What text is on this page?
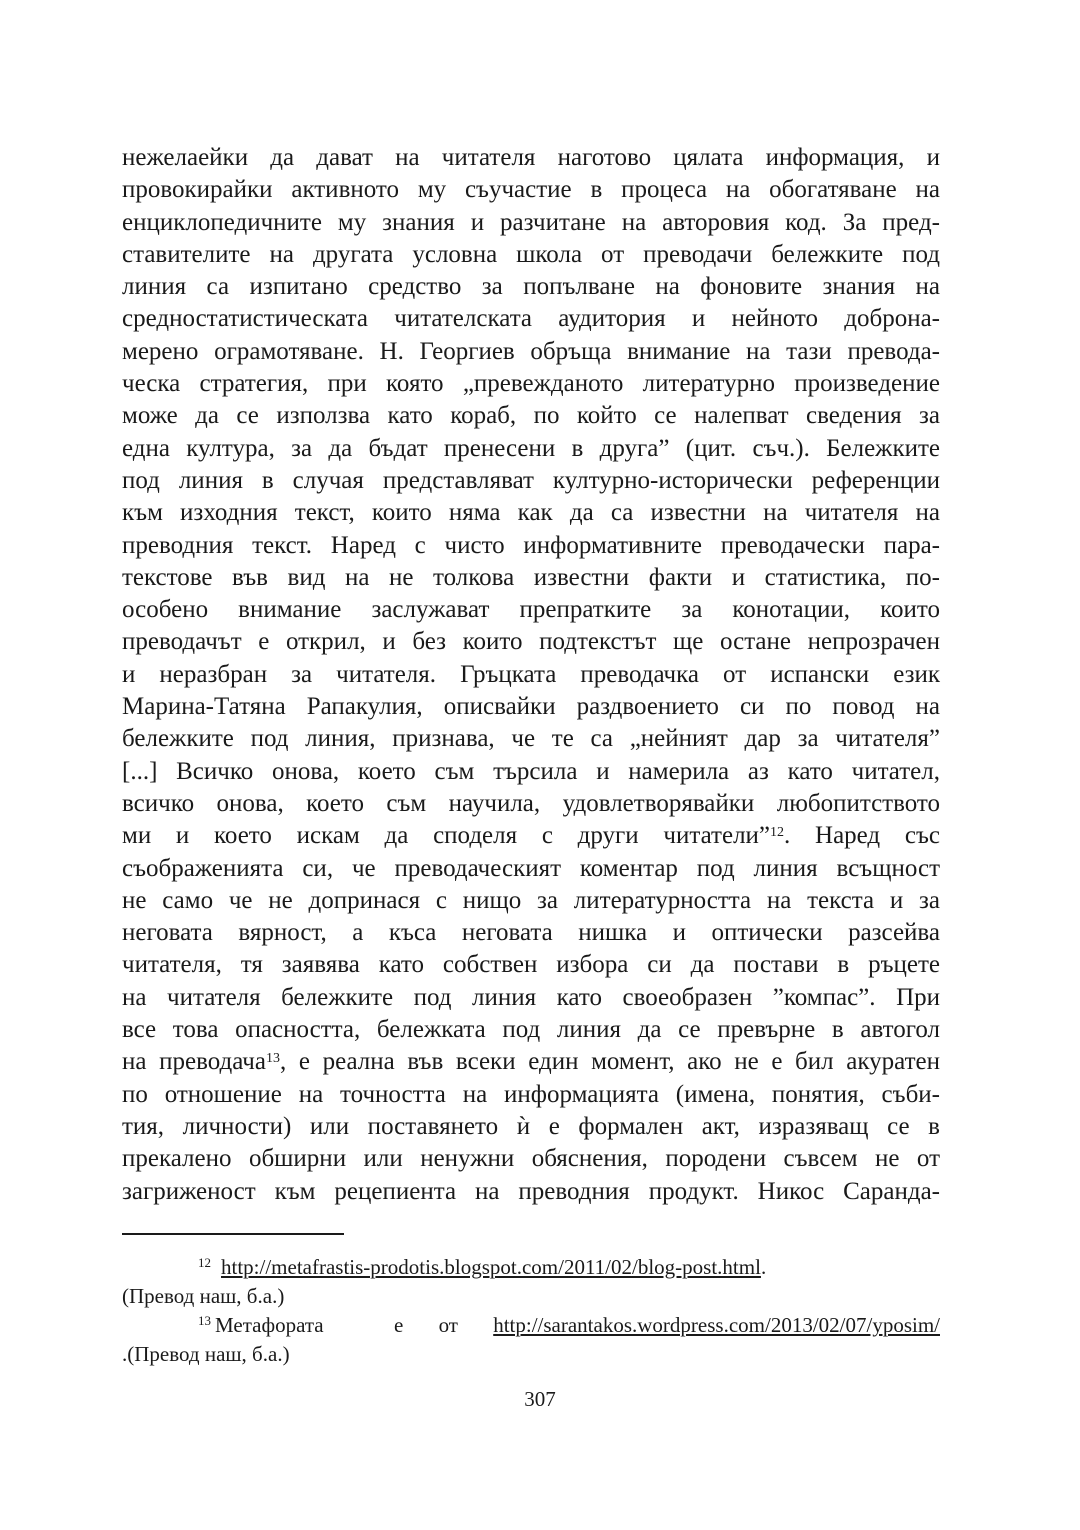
нежелаейки да дават на читателя наготово цялата информация, и
провокирайки активното му съучастие в процеса на обогатяване на
енциклопедичните му знания и разчитане на авторовия код. За пред-
ставителите на другата условна школа от преводачи бележките под
линия са изпитано средство за попълване на фоновите знания на
средностатистическата читателската аудитория и нейното доброна-
мерено ограмотяване. Н. Георгиев обръща внимание на тази превода-
ческа стратегия, при която „превежданото литературно произведение
може да се използва като кораб, по който се налепват сведения за
една култура, за да бъдат пренесени в друга” (цит. съч.). Бележките
под линия в случая представляват културно-исторически референции
към изходния текст, които няма как да са известни на читателя на
преводния текст. Наред с чисто информативните преводачески пара-
текстове във вид на не толкова известни факти и статистика, по-
особено внимание заслужават препратките за конотации, които
преводачът е открил, и без които подтекстът ще остане непрозрачен
и неразбран за читателя. Гръцката преводачка от испански език
Марина-Татяна Рапакулия, описвайки раздвоението си по повод на
бележките под линия, признава, че те са „нейният дар за читателя”
[...] Всичко онова, което съм търсила и намерила аз като читател,
всичко онова, което съм научила, удовлетворявайки любопитството
ми и което искам да споделя с други читатели”$^{12}$. Наред със
съображенията си, че преводаческият коментар под линия всъщност
не само че не допринася с нищо за литературността на текста и за
неговата вярност, а къса неговата нишка и оптически разсейва
читателя, тя заявява като собствен избора си да постави в ръцете
на читателя бележките под линия като своеобразен ”компас”. При
все това опасността, бележката под линия да се превърне в автогол
на преводача$^{13}$, е реална във всеки един момент, ако не е бил акуратен
по отношение на точността на информацията (имена, понятия, съби-
тия, личности) или поставянето ѝ е формален акт, изразяващ се в
прекалено обширни или ненужни обяснения, породени съвсем не от
загриженост към рецепиента на преводния продукт. Никос Саранда-
$^{12}$ http://metafrastis-prodotis.blogspot.com/2011/02/blog-post.html.
(Превод наш, б.а.)
$^{13}$ Метафората  е от http://sarantakos.wordpress.com/2013/02/07/yposim/
.(Превод наш, б.а.)
307
